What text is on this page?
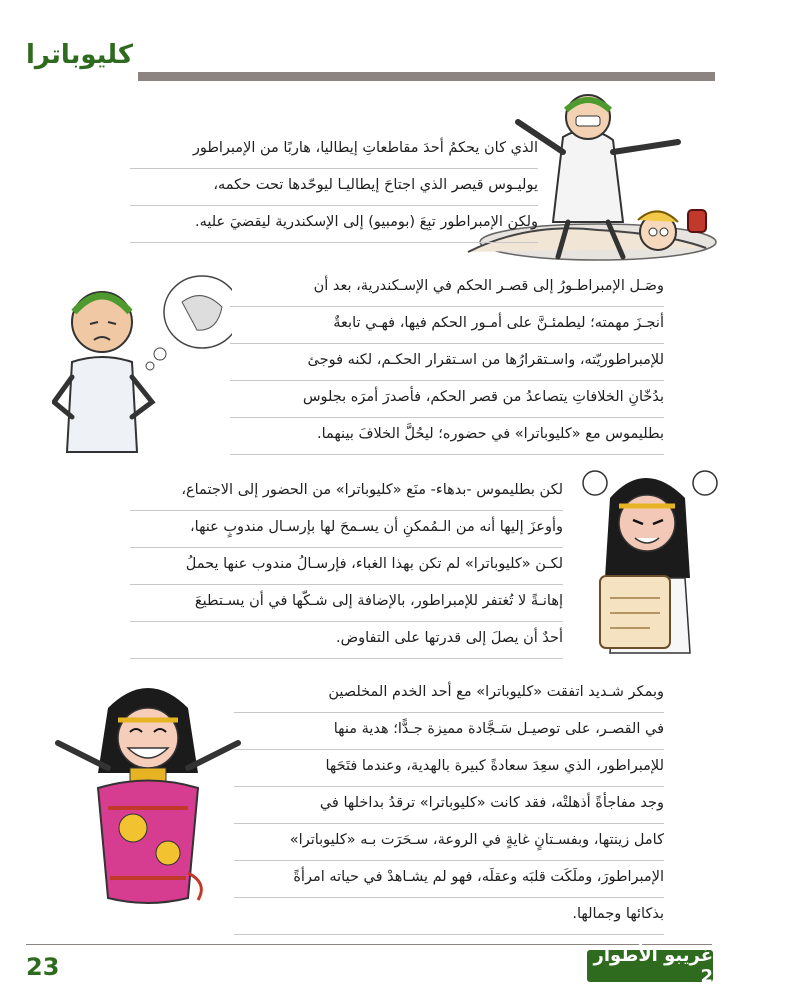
كليوباترا
الذي كان يحكمُ أحدَ مقاطعاتِ إيطاليا، هاربًا من الإمبراطور
يوليـوس قيصر الذي اجتاحَ إيطاليـا ليوحّدها تحت حكمه،
ولكن الإمبراطور تبِعَ (بومبيو) إلى الإسكندرية ليقضيَ عليه.
وصَـل الإمبراطـورُ إلى قصـر الحكم في الإسـكندرية، بعد أن
أنجـزَ مهمته؛ ليطمئـنَّ على أمـور الحكم فيها، فهـي تابعةٌ
للإمبراطوريّته، واسـتقرارُها من اسـتقرار الحكـم، لكنه فوجئ
بدُخّانِ الخلافاتِ يتصاعدُ من قصر الحكم، فأصدرَ أمرَه بجلوس
بطليموس مع «كليوباترا» في حضوره؛ ليحُلَّ الخلافَ بينهما.
لكن بطليموس -بدهاء- منَع «كليوباترا» من الحضور إلى الاجتماع،
وأوعزَ إليها أنه من الـمُمكنِ أن يسـمحَ لها بإرسـال مندوبٍ عنها،
لكـن «كليوباترا» لم تكن بهذا الغباء، فإرسـالُ مندوب عنها يحملُ
إهانـةً لا تُغتفر للإمبراطور، بالإضافة إلى شـكّها في أن يسـتطيعَ
أحدٌ أن يصلَ إلى قدرتها على التفاوض.
وبمكر شـديد اتفقت «كليوباترا» مع أحد الخدم المخلصين
في القصـر، على توصيـل سَـجَّادة مميزة جـدًّا؛ هدية منها
للإمبراطور، الذي سعِدَ سعادةً كبيرة بالهدية، وعندما فتَحَها
وجد مفاجأةً أذهلتْه، فقد كانت «كليوباترا» ترقدُ بداخلها في
كامل زينتها، وبفسـتانٍ غايةٍ في الروعة، سـحَرَت بـه «كليوباترا»
الإمبراطورَ، وملَكَت قلبَه وعقلَه، فهو لم يشـاهدْ في حياته امرأةً
بذكائها وجمالها.
23	غريبو الأطوار 2
